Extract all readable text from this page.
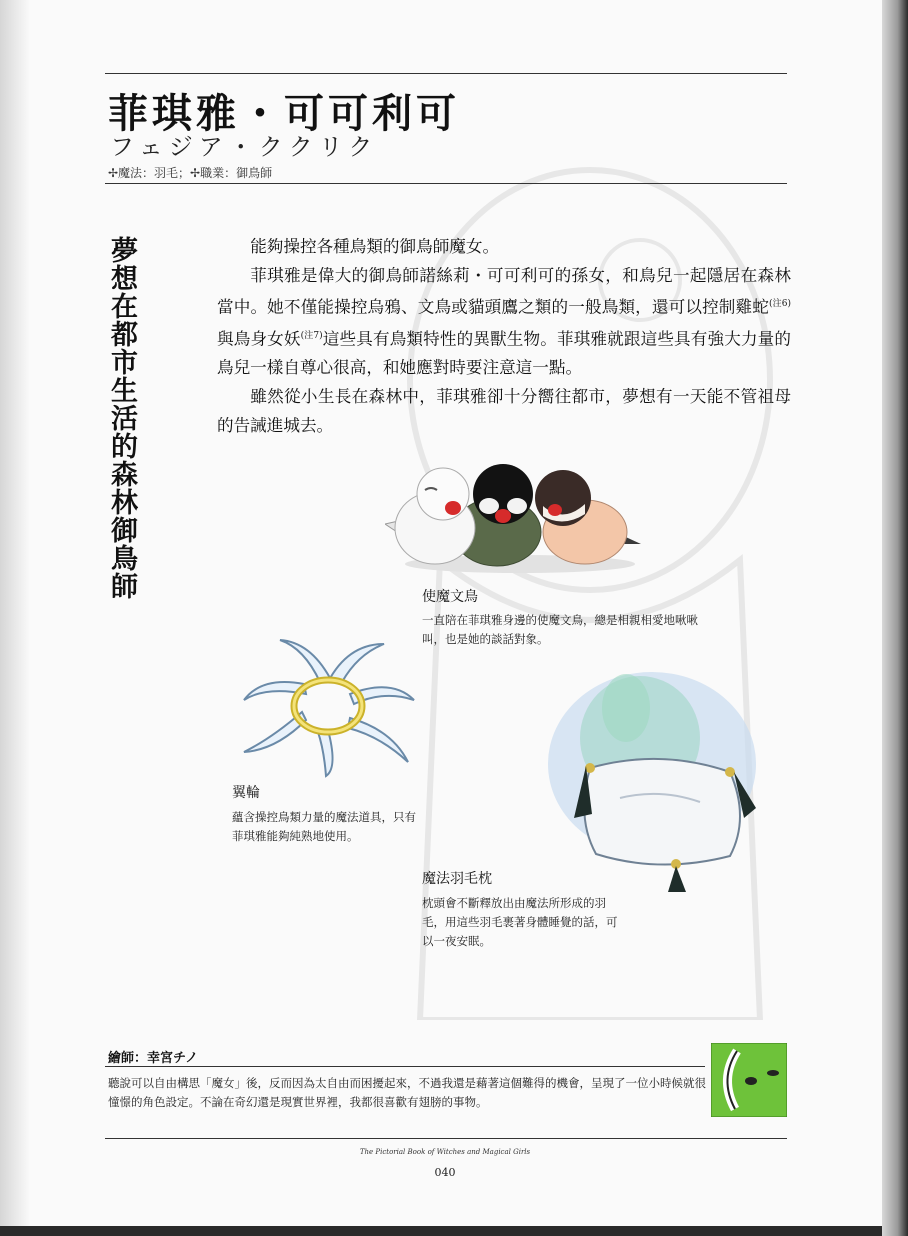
菲琪雅・可可利可
フェジア・ククリク
✢魔法：羽毛；✢職業：御鳥師
夢想在都市生活的森林御鳥師	能夠操控各種鳥類的御鳥師魔女。

菲琪雅是偉大的御鳥師諾絲莉・可可利可的孫女，和鳥兒一起隱居在森林當中。她不僅能操控烏鴉、文鳥或貓頭鷹之類的一般鳥類，還可以控制雞蛇$^{(注6)}$與鳥身女妖$^{(注7)}$這些具有鳥類特性的異獸生物。菲琪雅就跟這些具有強大力量的鳥兒一樣自尊心很高，和她應對時要注意這一點。

雖然從小生長在森林中，菲琪雅卻十分嚮往都市，夢想有一天能不管祖母的告誡進城去。

使魔文鳥
一直陪在菲琪雅身邊的使魔文鳥，總是相親相愛地啾啾叫，也是她的談話對象。
翼輪
蘊含操控鳥類力量的魔法道具，只有菲琪雅能夠純熟地使用。
魔法羽毛枕
枕頭會不斷釋放出由魔法所形成的羽毛，用這些羽毛裹著身體睡覺的話，可以一夜安眠。
繪師：幸宮チノ
聽說可以自由構思「魔女」後，反而因為太自由而困擾起來，不過我還是藉著這個難得的機會，呈現了一位小時候就很憧憬的角色設定。不論在奇幻還是現實世界裡，我都很喜歡有翅膀的事物。
The Pictorial Book of Witches and Magical Girls
040
